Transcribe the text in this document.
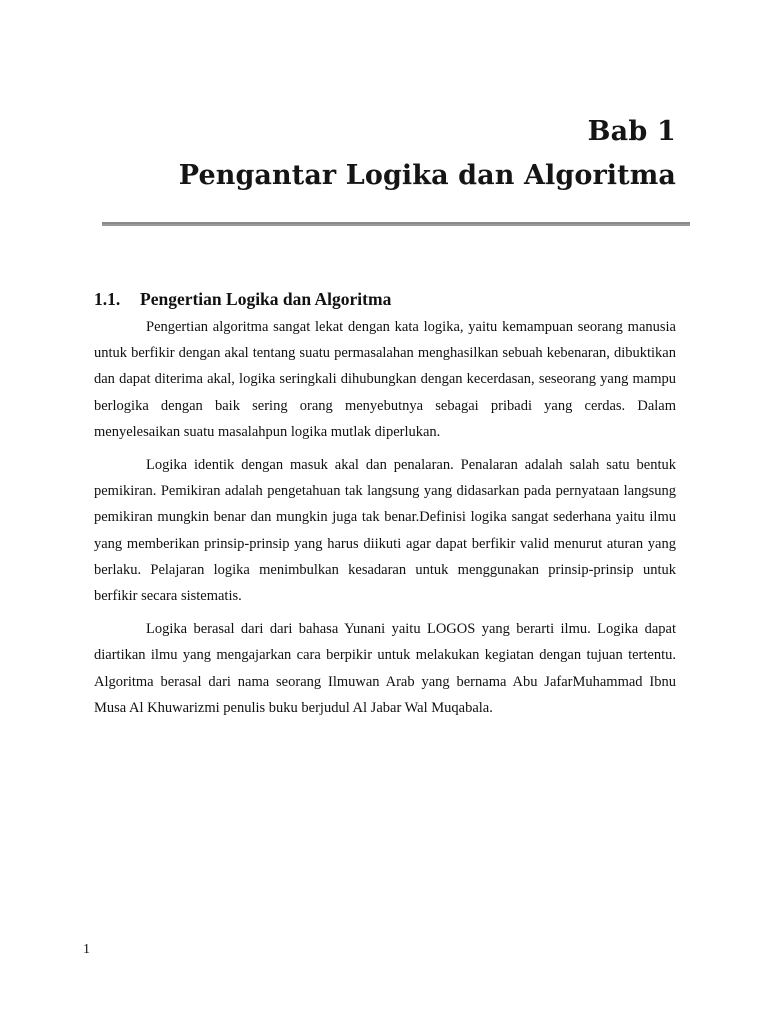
Bab 1
Pengantar Logika dan Algoritma
1.1. Pengertian Logika dan Algoritma

Pengertian algoritma sangat lekat dengan kata logika, yaitu kemampuan seorang manusia untuk berfikir dengan akal tentang suatu permasalahan menghasilkan sebuah kebenaran, dibuktikan dan dapat diterima akal, logika seringkali dihubungkan dengan kecerdasan, seseorang yang mampu berlogika dengan baik sering orang menyebutnya sebagai pribadi yang cerdas. Dalam menyelesaikan suatu masalahpun logika mutlak diperlukan.

Logika identik dengan masuk akal dan penalaran. Penalaran adalah salah satu bentuk pemikiran. Pemikiran adalah pengetahuan tak langsung yang didasarkan pada pernyataan langsung pemikiran mungkin benar dan mungkin juga tak benar.Definisi logika sangat sederhana yaitu ilmu yang memberikan prinsip-prinsip yang harus diikuti agar dapat berfikir valid menurut aturan yang berlaku. Pelajaran logika menimbulkan kesadaran untuk menggunakan prinsip-prinsip untuk berfikir secara sistematis.

Logika berasal dari dari bahasa Yunani yaitu LOGOS yang berarti ilmu. Logika dapat diartikan ilmu yang mengajarkan cara berpikir untuk melakukan kegiatan dengan tujuan tertentu. Algoritma berasal dari nama seorang Ilmuwan Arab yang bernama Abu JafarMuhammad Ibnu Musa Al Khuwarizmi penulis buku berjudul Al Jabar Wal Muqabala.

1
